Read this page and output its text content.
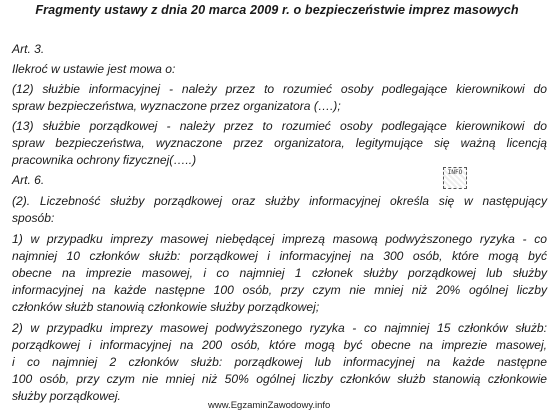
Fragmenty ustawy z dnia 20 marca 2009 r. o bezpieczeństwie imprez masowych
Art. 3.
Ilekroć w ustawie jest mowa o:
(12) służbie informacyjnej - należy przez to rozumieć osoby podlegające kierownikowi do
spraw bezpieczeństwa, wyznaczone przez organizatora (….);
(13) służbie porządkowej - należy przez to rozumieć osoby podlegające kierownikowi do
spraw bezpieczeństwa, wyznaczone przez organizatora, legitymujące się ważną licencją
pracownika ochrony fizycznej(…..)
Art. 6.
INFO
(2). Liczebność służby porządkowej oraz służby informacyjnej określa się w następujący
sposób:
1) w przypadku imprezy masowej niebędącej imprezą masową podwyższonego ryzyka - co
najmniej 10 członków służb: porządkowej i informacyjnej na 300 osób, które mogą być
obecne na imprezie masowej, i co najmniej 1 członek służby porządkowej lub służby
informacyjnej na każde następne 100 osób, przy czym nie mniej niż 20% ogólnej liczby
członków służb stanowią członkowie służby porządkowej;
2) w przypadku imprezy masowej podwyższonego ryzyka - co najmniej 15 członków służb:
porządkowej i informacyjnej na 200 osób, które mogą być obecne na imprezie masowej,
i co najmniej 2 członków służb: porządkowej lub informacyjnej na każde następne
100 osób, przy czym nie mniej niż 50% ogólnej liczby członków służb stanowią członkowie
służby porządkowej.
www.EgzaminZawodowy.info
